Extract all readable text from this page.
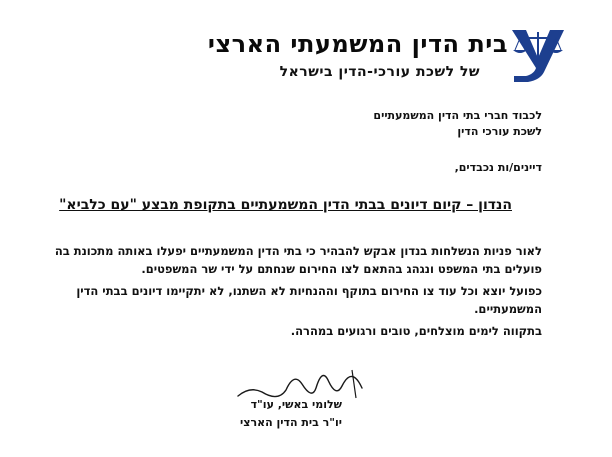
בית הדין המשמעתי הארצי
של לשכת עורכי-הדין בישראל
לכבוד חברי בתי הדין המשמעתיים
לשכת עורכי הדין
דיינים/ות נכבדים,
הנדון – קיום דיונים בבתי הדין המשמעתיים בתקופת מבצע "עם כלביא"
לאור פניות הנשלחות בנדון אבקש להבהיר כי בתי הדין המשמעתיים יפעלו באותה מתכונת בה
פועלים בתי המשפט ונגהג בהתאם לצו החירום שנחתם על ידי שר המשפטים.
כפועל יוצא וכל עוד צו החירום בתוקף וההנחיות לא השתנו, לא יתקיימו דיונים בבתי הדין
המשמעתיים.
בתקווה לימים מוצלחים, טובים ורגועים במהרה.
שלומי באשי, עו"ד
יו"ר בית הדין הארצי
